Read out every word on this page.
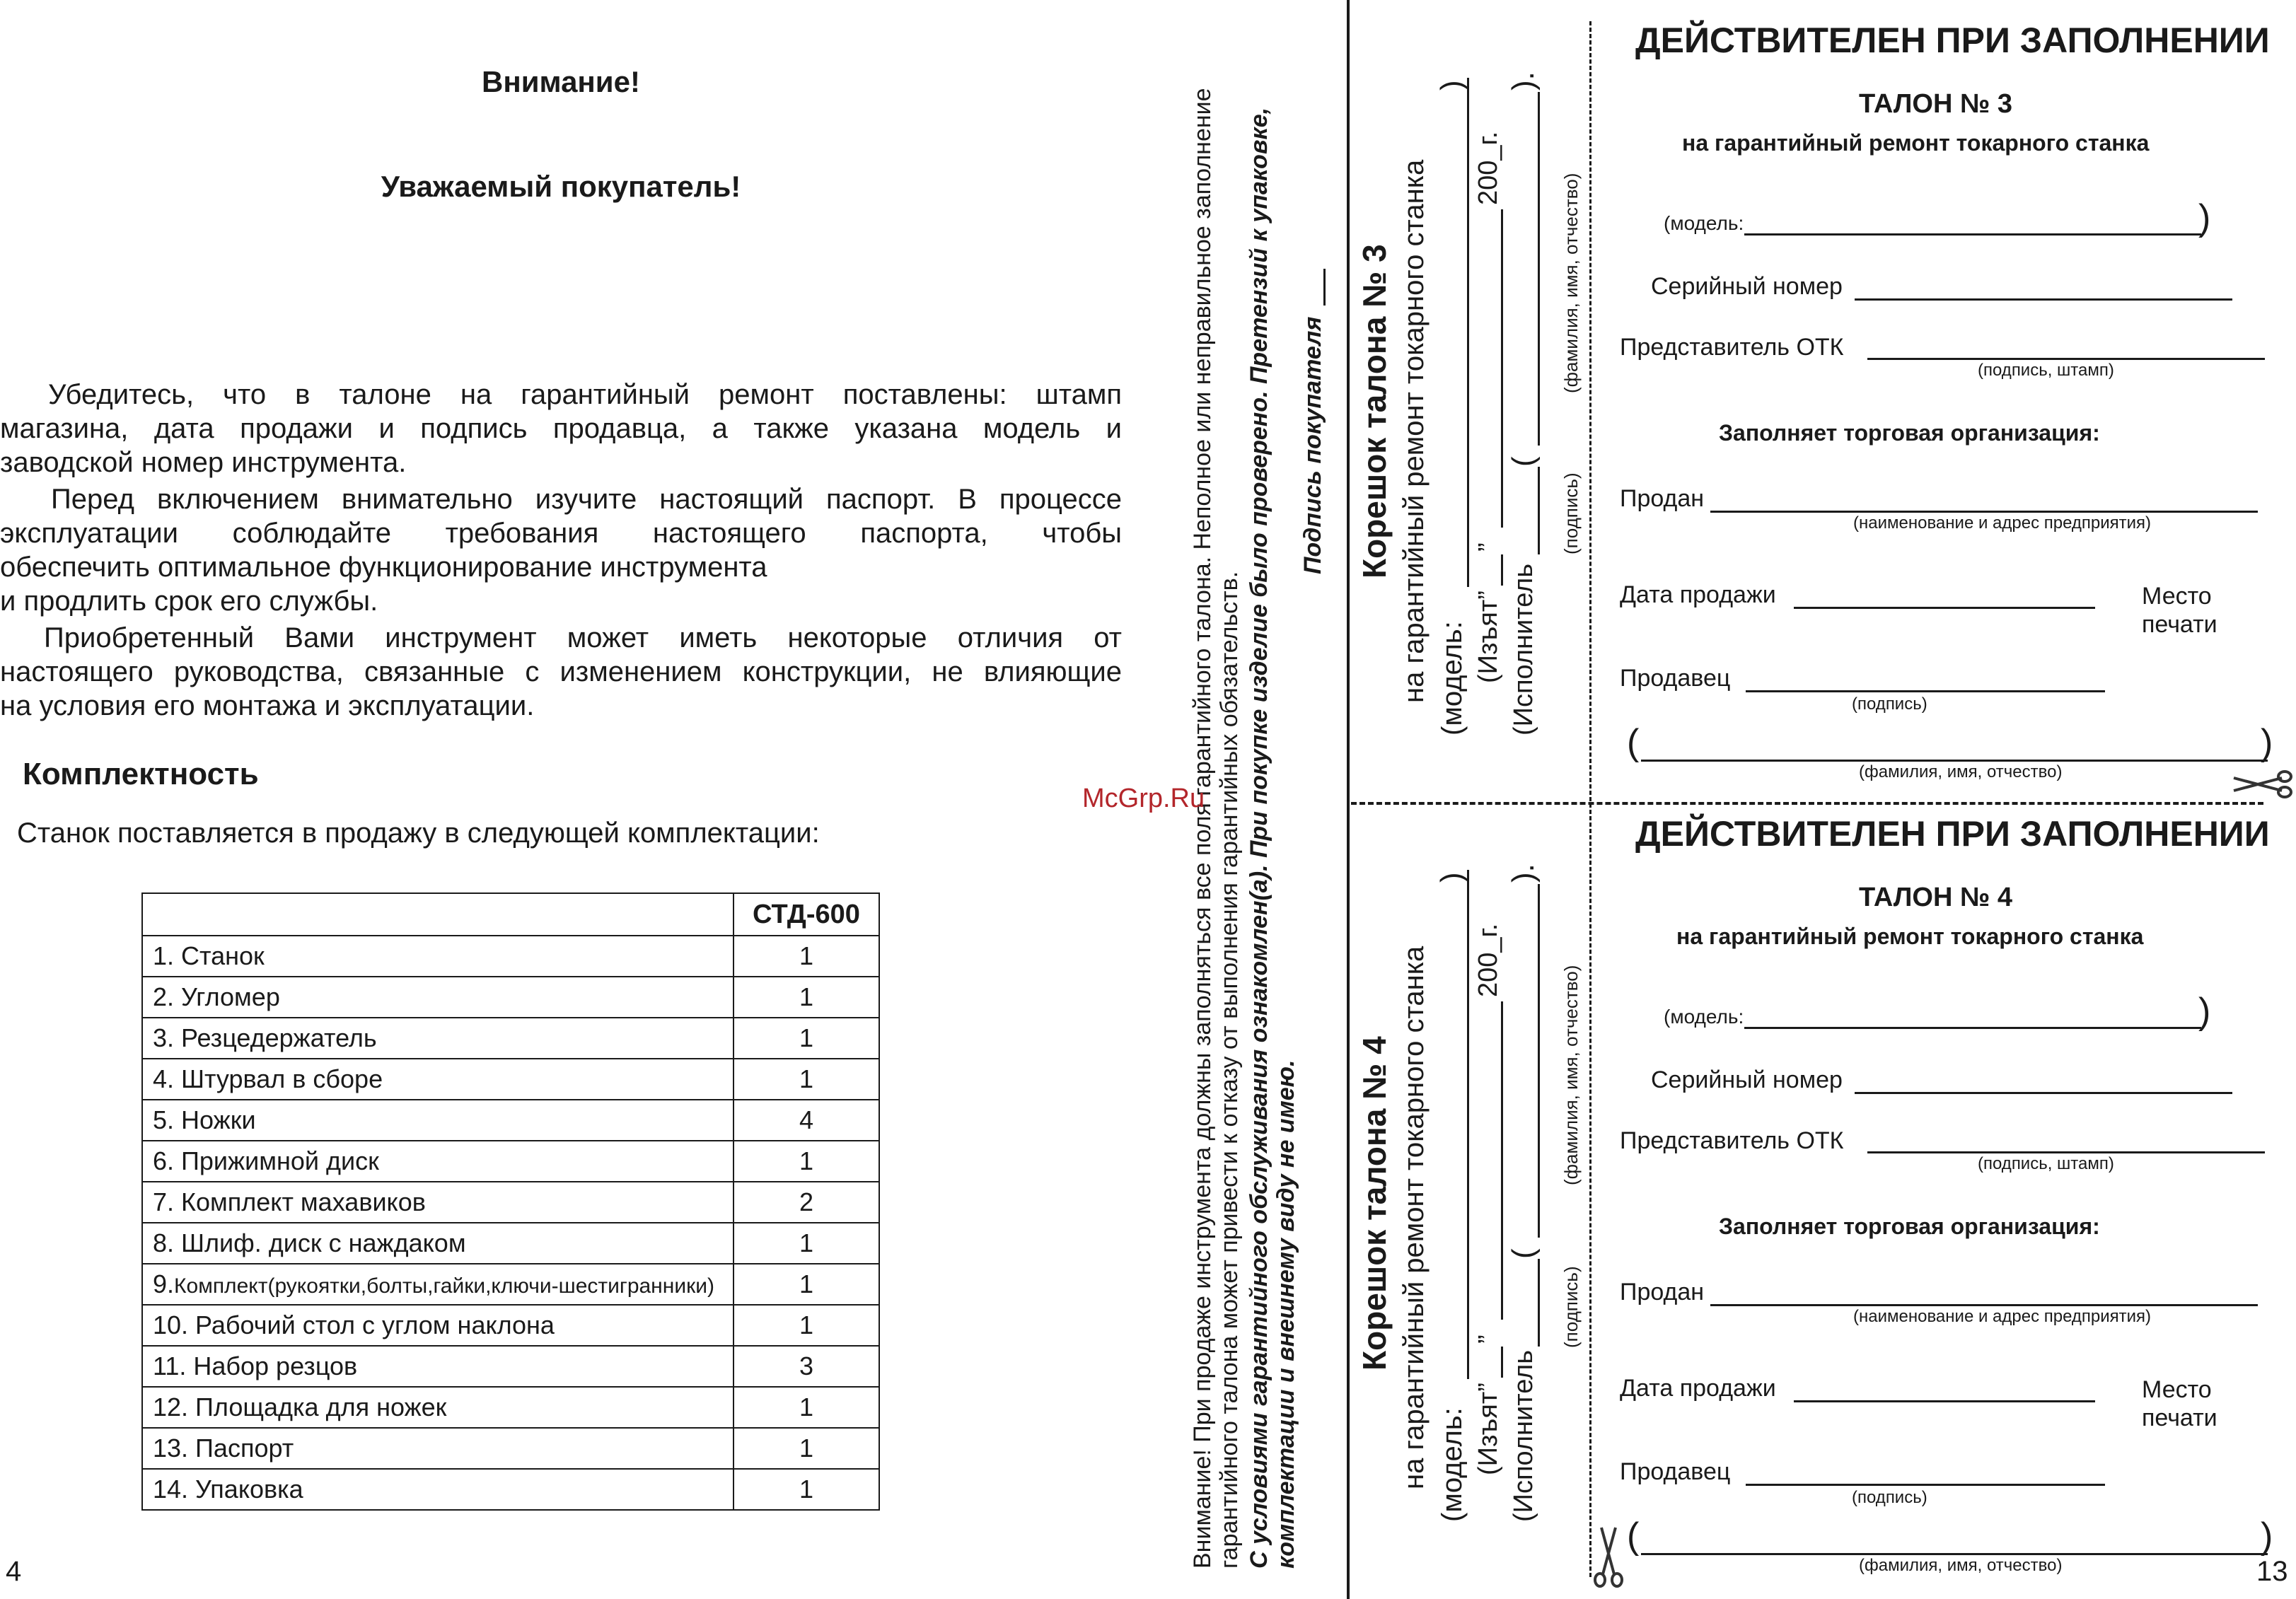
Внимание!
Уважаемый покупатель!
Убедитесь, что в талоне на гарантийный ремонт поставлены: штамп
магазина, дата продажи и подпись продавца, а также указана модель и
заводской номер инструмента.
Перед включением внимательно изучите настоящий паспорт. В процессе
эксплуатации соблюдайте требования настоящего паспорта, чтобы
обеспечить оптимальное функционирование инструмента
и продлить срок его службы.
Приобретенный Вами инструмент может иметь некоторые отличия от
настоящего руководства, связанные с изменением конструкции, не влияющие
на условия его монтажа и эксплуатации.
Комплектность
Станок поставляется в продажу в следующей комплектации:
	СТД-600
1. Станок	1
2. Угломер	1
3. Резцедержатель	1
4. Штурвал в сборе	1
5. Ножки	4
6. Прижимной диск	1
7. Комплект махавиков	2
8. Шлиф. диск с наждаком	1
9.Комплект(рукоятки,болты,гайки,ключи-шестигранники)	1
10. Рабочий стол с углом наклона	1
11. Набор резцов	3
12. Площадка для ножек	1
13. Паспорт	1
14. Упаковка	1
4
Внимание! При продаже инструмента должны заполняться все поля гарантийного талона. Неполное или неправильное заполнение гарантийного талона может привести к отказу от выполнения гарантийных обязательств. С условиями гарантийного обслуживания ознакомлен(а). При покупке изделие было проверено. Претензий к упаковке, комплектации и внешнему виду не имею.
Подпись покупателя Корешок талона № 3 на гарантийный ремонт токарного станка (модель:
)
(Изъят”
”
200_г.
(Исполнитель
(
).
(подпись)
(фамилия, имя, отчество)
Корешок талона № 4 на гарантийный ремонт токарного станка (модель:
)
(Изъят”
”
200_г.
(Исполнитель
(
).
(подпись)
(фамилия, имя, отчество)
ДЕЙСТВИТЕЛЕН ПРИ ЗАПОЛНЕНИИ
ТАЛОН № 3
на гарантийный ремонт токарного станка
(модель:	)
Серийный номер
Представитель ОТК
(подпись, штамп)
Заполняет торговая организация:
Продан
(наименование и адрес предприятия)
Дата продажи	Место
печати
Продавец
(подпись)
(	)
(фамилия, имя, отчество)
ДЕЙСТВИТЕЛЕН ПРИ ЗАПОЛНЕНИИ
ТАЛОН № 4
на гарантийный ремонт токарного станка
(модель:	)
Серийный номер
Представитель ОТК
(подпись, штамп)
Заполняет торговая организация:
Продан
(наименование и адрес предприятия)
Дата продажи	Место
печати
Продавец
(подпись)
(	)
(фамилия, имя, отчество)	13
McGrp.Ru
